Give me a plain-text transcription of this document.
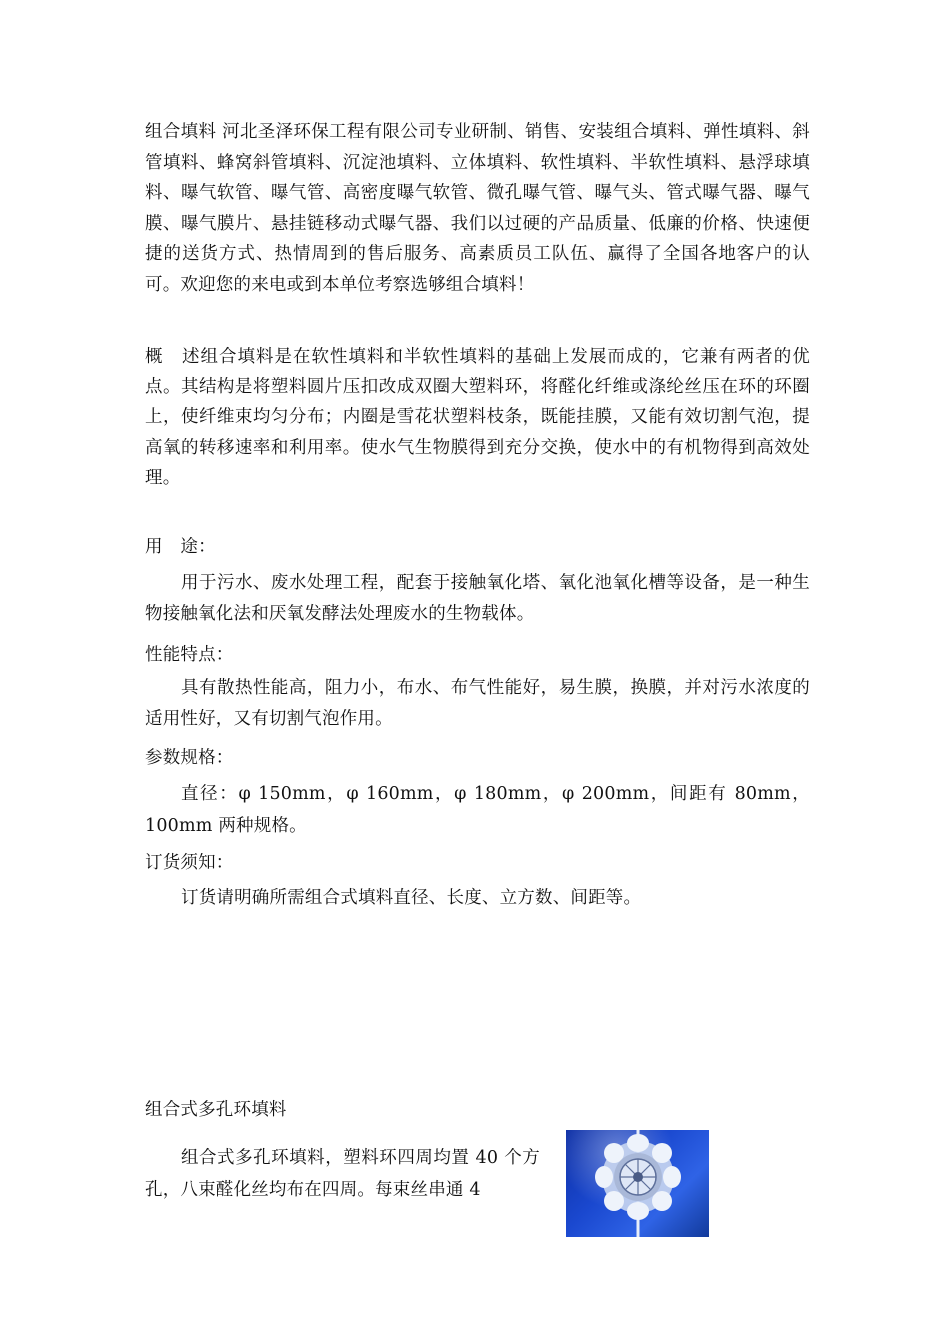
组合填料 河北圣泽环保工程有限公司专业研制、销售、安装组合填料、弹性填料、斜管填料、蜂窝斜管填料、沉淀池填料、立体填料、软性填料、半软性填料、悬浮球填料、曝气软管、曝气管、高密度曝气软管、微孔曝气管、曝气头、管式曝气器、曝气膜、曝气膜片、悬挂链移动式曝气器、我们以过硬的产品质量、低廉的价格、快速便捷的送货方式、热情周到的售后服务、高素质员工队伍、赢得了全国各地客户的认可。欢迎您的来电或到本单位考察选够组合填料！

概　述组合填料是在软性填料和半软性填料的基础上发展而成的，它兼有两者的优点。其结构是将塑料圆片压扣改成双圈大塑料环，将醛化纤维或涤纶丝压在环的环圈上，使纤维束均匀分布；内圈是雪花状塑料枝条，既能挂膜，又能有效切割气泡，提高氧的转移速率和利用率。使水气生物膜得到充分交换，使水中的有机物得到高效处理。

用　途：

用于污水、废水处理工程，配套于接触氧化塔、氧化池氧化槽等设备，是一种生物接触氧化法和厌氧发酵法处理废水的生物载体。

性能特点：

具有散热性能高，阻力小，布水、布气性能好，易生膜，换膜，并对污水浓度的适用性好，又有切割气泡作用。

参数规格：

直径：φ 150mm，φ 160mm，φ 180mm，φ 200mm，间距有 80mm，100mm 两种规格。

订货须知：

订货请明确所需组合式填料直径、长度、立方数、间距等。

组合式多孔环填料

组合式多孔环填料，塑料环四周均置 40 个方孔，八束醛化丝均布在四周。每束丝串通 4
